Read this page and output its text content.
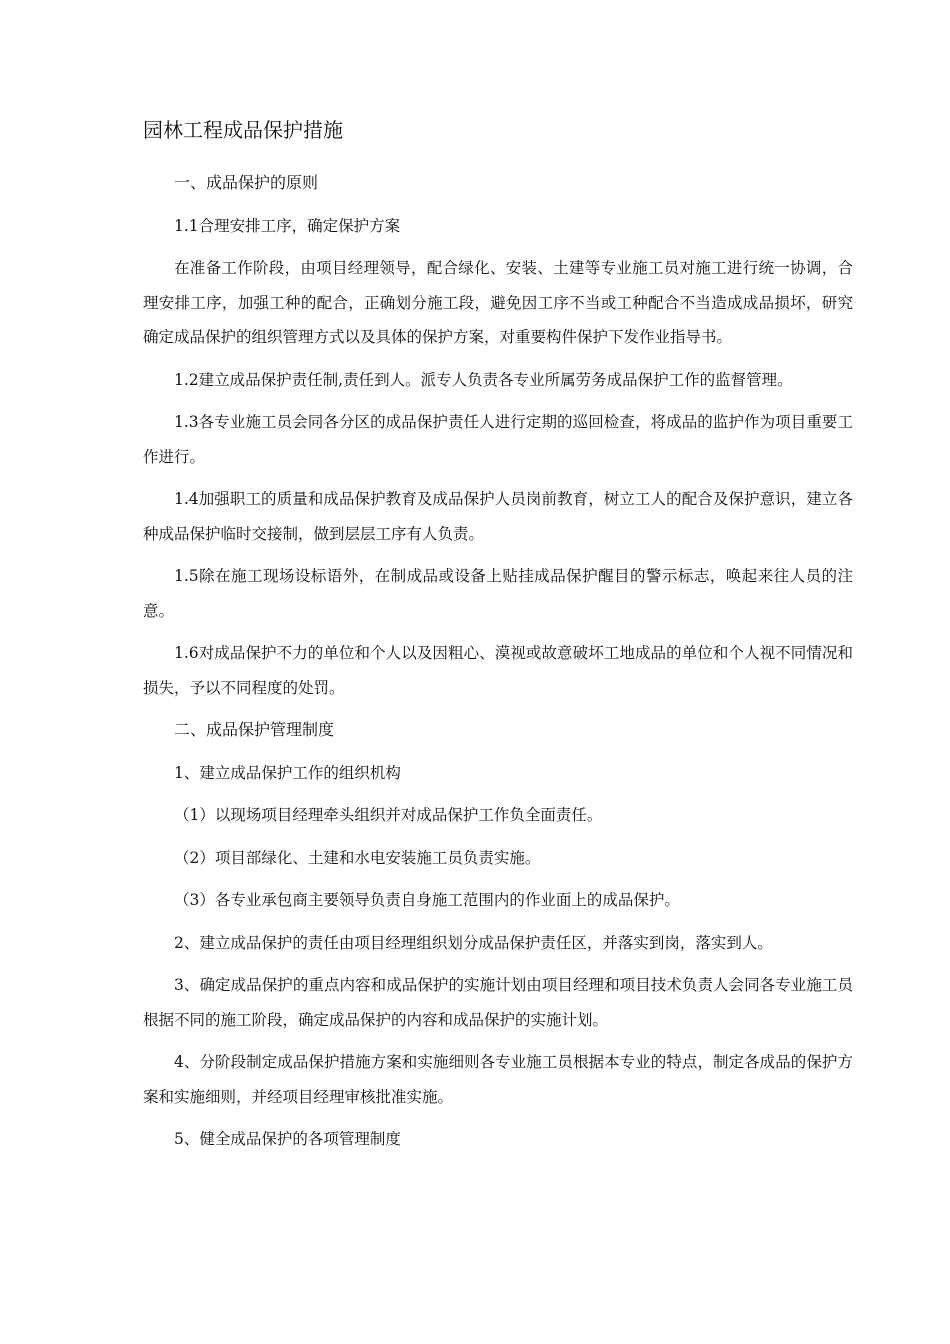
园林工程成品保护措施

一、成品保护的原则

1.1合理安排工序，确定保护方案

在准备工作阶段，由项目经理领导，配合绿化、安装、土建等专业施工员对施工进行统一协调，合理安排工序，加强工种的配合，正确划分施工段，避免因工序不当或工种配合不当造成成品损坏，研究确定成品保护的组织管理方式以及具体的保护方案，对重要构件保护下发作业指导书。

1.2建立成品保护责任制,责任到人。派专人负责各专业所属劳务成品保护工作的监督管理。

1.3各专业施工员会同各分区的成品保护责任人进行定期的巡回检查，将成品的监护作为项目重要工作进行。

1.4加强职工的质量和成品保护教育及成品保护人员岗前教育，树立工人的配合及保护意识，建立各种成品保护临时交接制，做到层层工序有人负责。

1.5除在施工现场设标语外，在制成品或设备上贴挂成品保护醒目的警示标志，唤起来往人员的注意。

1.6对成品保护不力的单位和个人以及因粗心、漠视或故意破坏工地成品的单位和个人视不同情况和损失，予以不同程度的处罚。

二、成品保护管理制度

1、建立成品保护工作的组织机构

（1）以现场项目经理牵头组织并对成品保护工作负全面责任。

（2）项目部绿化、土建和水电安装施工员负责实施。

（3）各专业承包商主要领导负责自身施工范围内的作业面上的成品保护。

2、建立成品保护的责任由项目经理组织划分成品保护责任区，并落实到岗，落实到人。

3、确定成品保护的重点内容和成品保护的实施计划由项目经理和项目技术负责人会同各专业施工员根据不同的施工阶段，确定成品保护的内容和成品保护的实施计划。

4、分阶段制定成品保护措施方案和实施细则各专业施工员根据本专业的特点，制定各成品的保护方案和实施细则，并经项目经理审核批准实施。

5、健全成品保护的各项管理制度
